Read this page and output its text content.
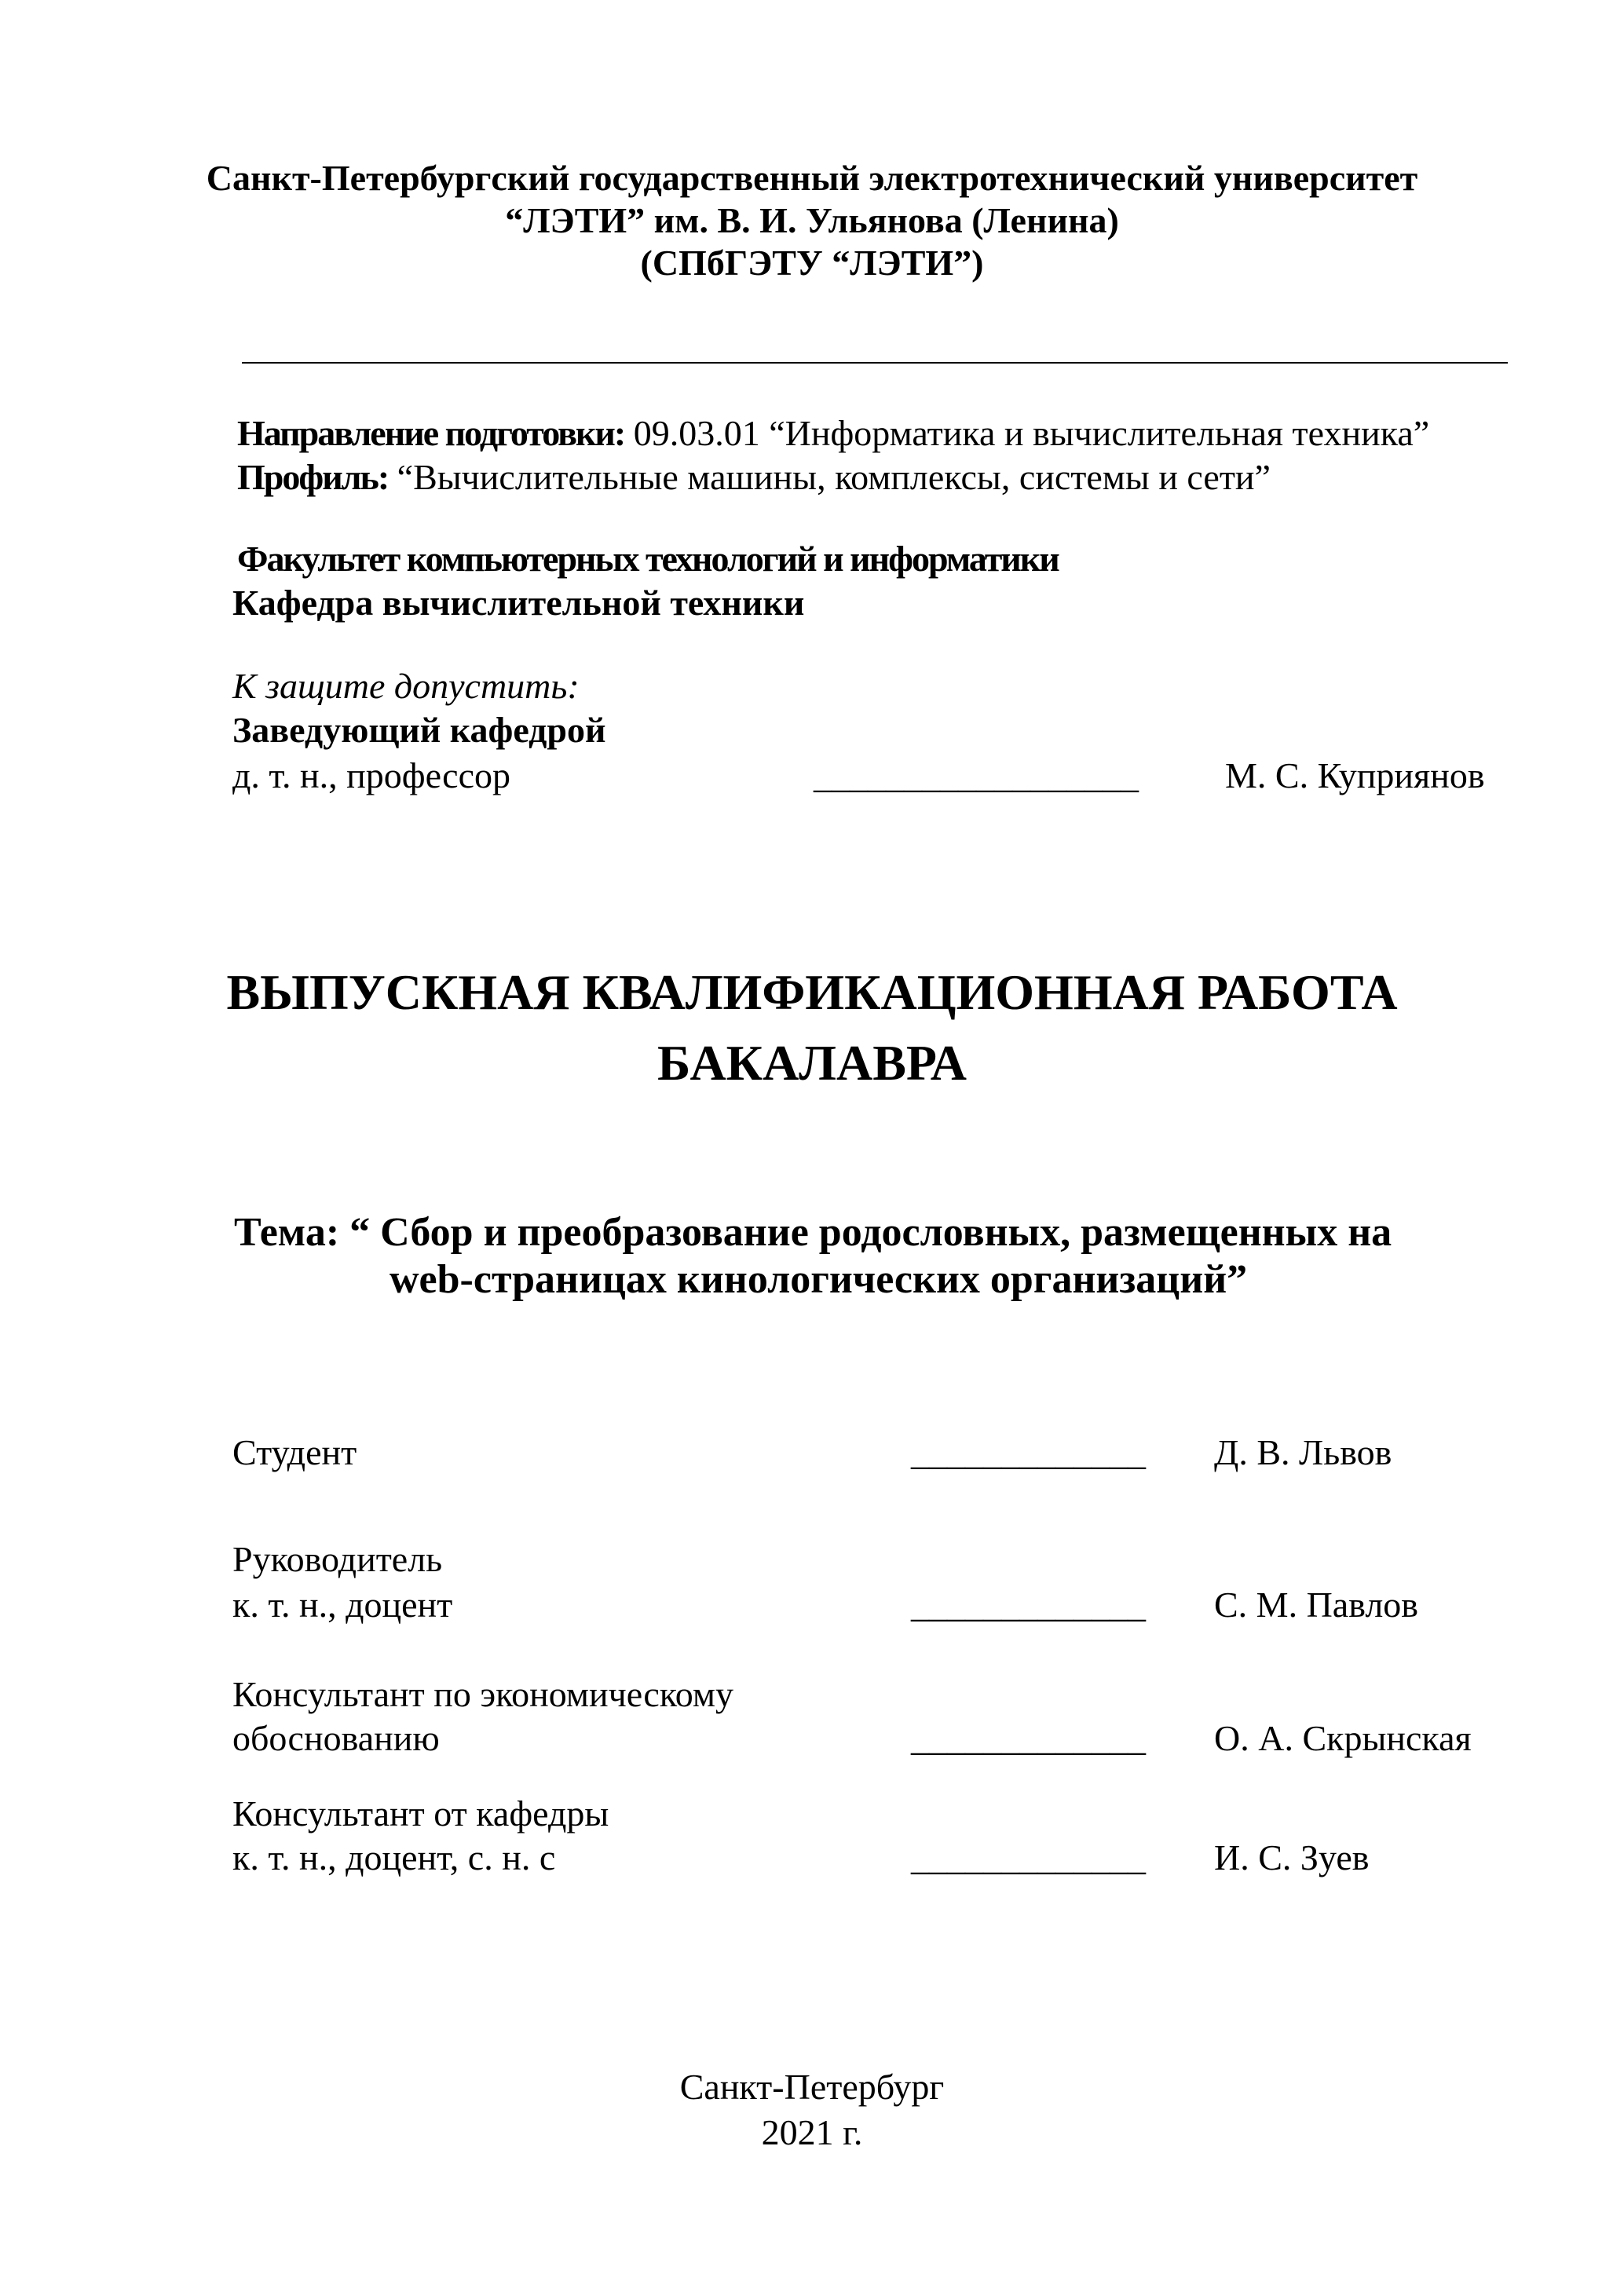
Санкт-Петербургский государственный электротехнический университет
“ЛЭТИ” им. В. И. Ульянова (Ленина)
(СПбГЭТУ “ЛЭТИ”)
Направление подготовки: 09.03.01 “Информатика и вычислительная техника”
Профиль: “Вычислительные машины, комплексы, системы и сети”
Факультет компьютерных технологий и информатики
Кафедра вычислительной техники
К защите допустить:
Заведующий кафедрой
д. т. н., профессор	__________________ М. С. Куприянов
ВЫПУСКНАЯ КВАЛИФИКАЦИОННАЯ РАБОТА
БАКАЛАВРА
Тема: “ Сбор и преобразование родословных, размещенных на
web-страницах кинологических организаций”
Студент	_____________ Д. В. Львов
Руководитель
к. т. н., доцент	_____________ С. М. Павлов
Консультант по экономическому
обоснованию	_____________ О. А. Скрынская
Консультант от кафедры
к. т. н., доцент, с. н. с	_____________ И. С. Зуев
Санкт-Петербург
2021 г.
